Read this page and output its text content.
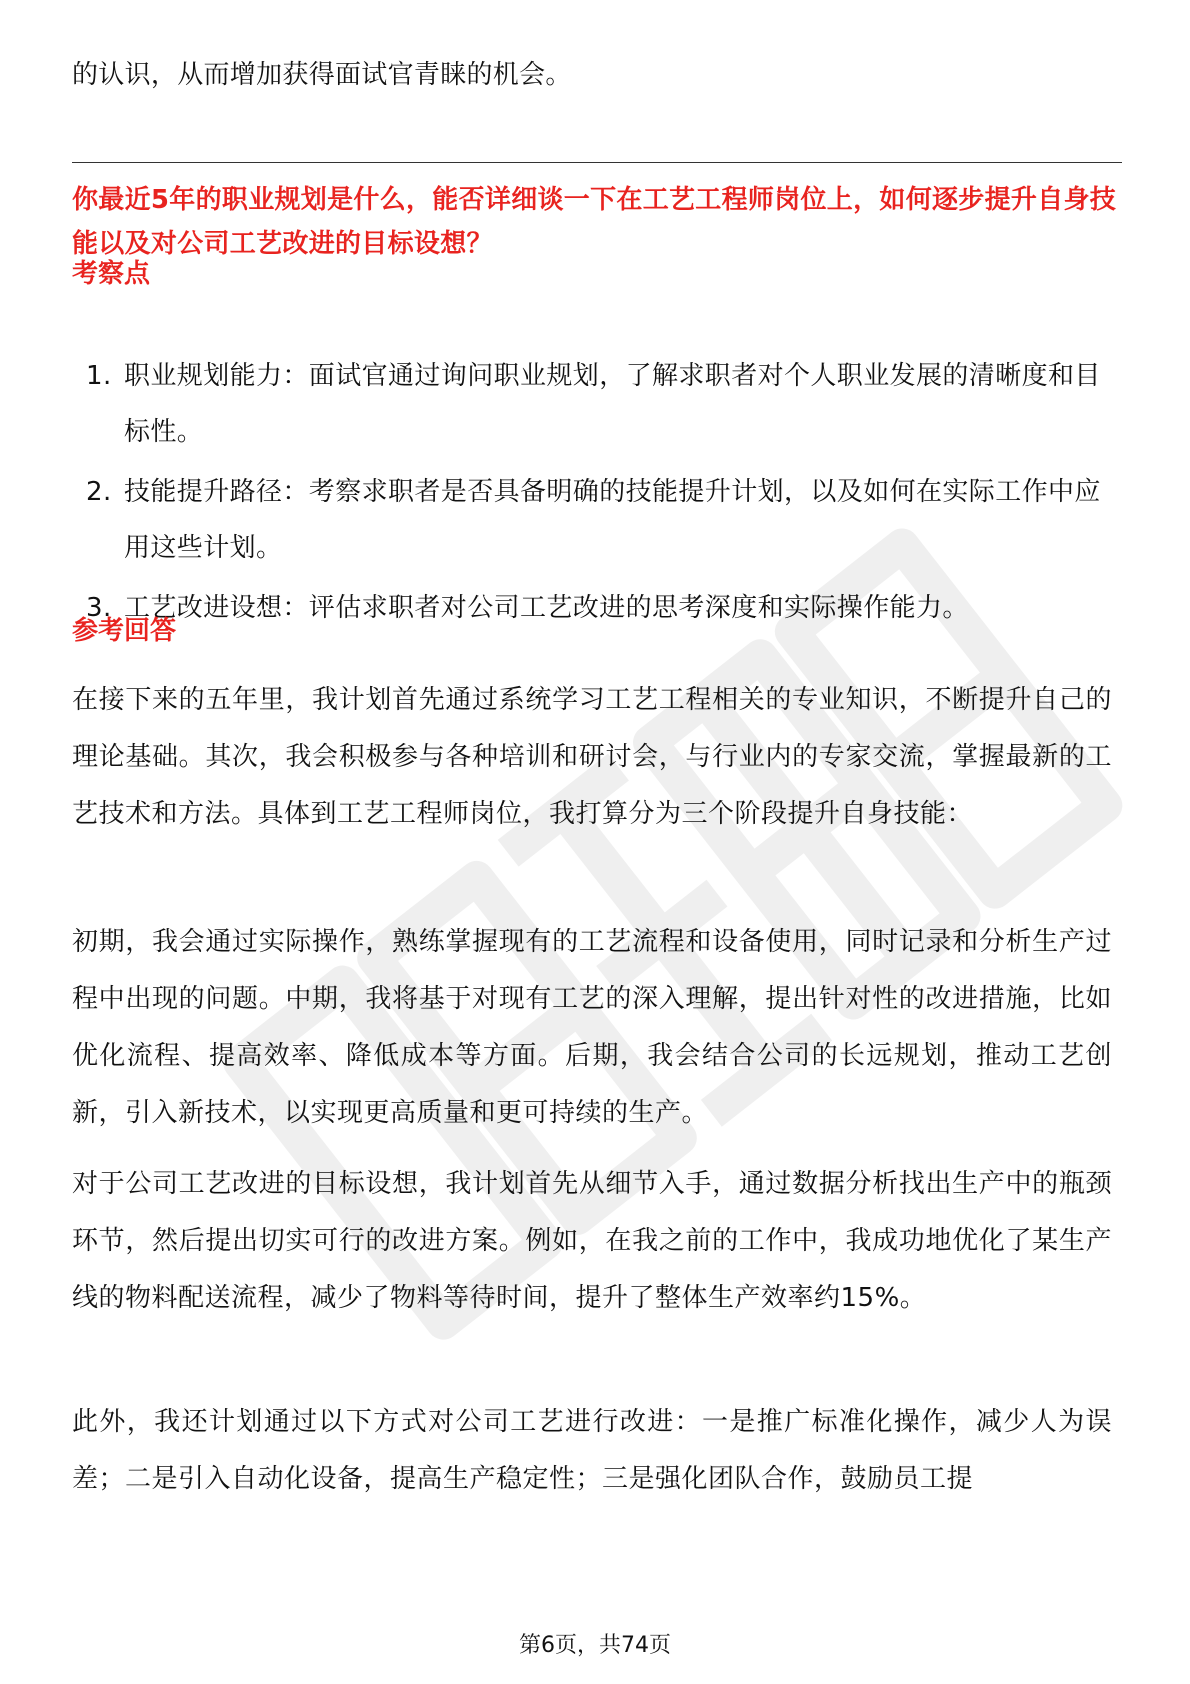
的认识，从而增加获得面试官青睐的机会。
你最近5年的职业规划是什么，能否详细谈一下在工艺工程师岗位上，如何逐步提升自身技能以及对公司工艺改进的目标设想？
考察点
1. 职业规划能力：面试官通过询问职业规划，了解求职者对个人职业发展的清晰度和目标性。
2. 技能提升路径：考察求职者是否具备明确的技能提升计划，以及如何在实际工作中应用这些计划。
3. 工艺改进设想：评估求职者对公司工艺改进的思考深度和实际操作能力。
参考回答
在接下来的五年里，我计划首先通过系统学习工艺工程相关的专业知识，不断提升自己的理论基础。其次，我会积极参与各种培训和研讨会，与行业内的专家交流，掌握最新的工艺技术和方法。具体到工艺工程师岗位，我打算分为三个阶段提升自身技能：
初期，我会通过实际操作，熟练掌握现有的工艺流程和设备使用，同时记录和分析生产过程中出现的问题。中期，我将基于对现有工艺的深入理解，提出针对性的改进措施，比如优化流程、提高效率、降低成本等方面。后期，我会结合公司的长远规划，推动工艺创新，引入新技术，以实现更高质量和更可持续的生产。
对于公司工艺改进的目标设想，我计划首先从细节入手，通过数据分析找出生产中的瓶颈环节，然后提出切实可行的改进方案。例如，在我之前的工作中，我成功地优化了某生产线的物料配送流程，减少了物料等待时间，提升了整体生产效率约15%。
此外，我还计划通过以下方式对公司工艺进行改进：一是推广标准化操作，减少人为误差；二是引入自动化设备，提高生产稳定性；三是强化团队合作，鼓励员工提
第6页，共74页
